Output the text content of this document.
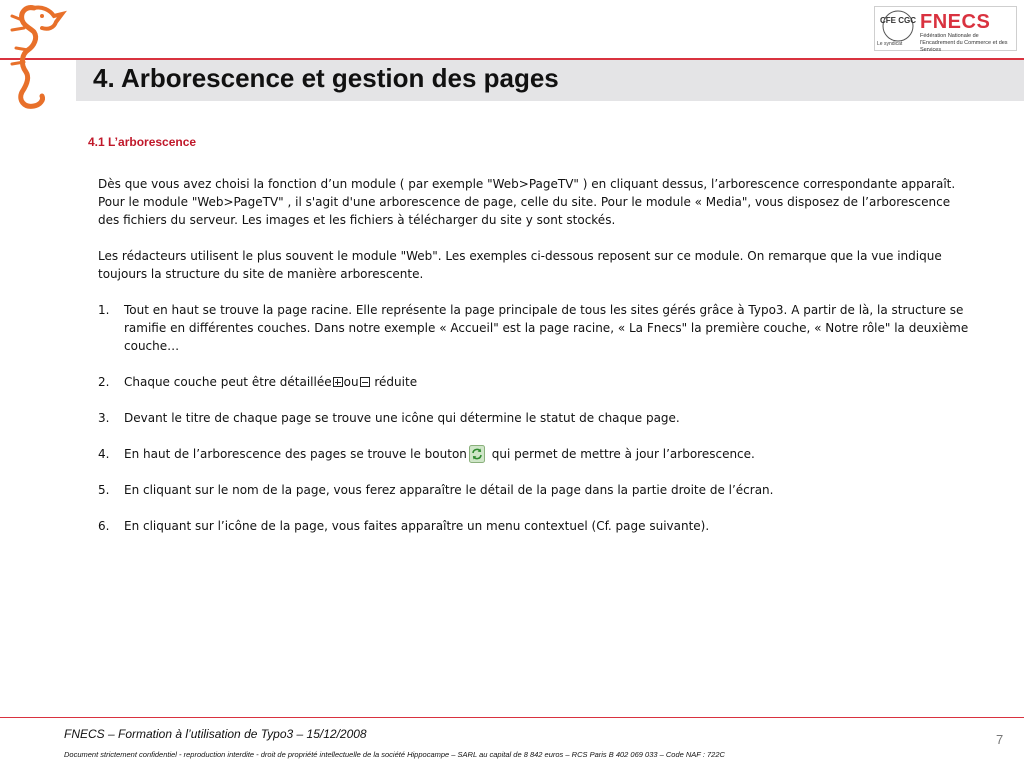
4. Arborescence et gestion des pages
CFE CGC
Le syndicat
FNECS
Fédération Nationale de l'Encadrement du Commerce et des Services
4.1 L’arborescence

Dès que vous avez choisi la fonction d’un module ( par exemple "Web>PageTV" ) en cliquant dessus, l’arborescence correspondante apparaît. Pour le module "Web>PageTV" , il s'agit d'une arborescence de page, celle du site. Pour le module « Media", vous disposez de l’arborescence des fichiers du serveur. Les images et les fichiers à télécharger du site y sont stockés.

Les rédacteurs utilisent le plus souvent le module "Web". Les exemples ci-dessous reposent sur ce module. On remarque que la vue indique toujours la structure du site de manière arborescente.

1. Tout en haut se trouve la page racine. Elle représente la page principale de tous les sites gérés grâce à Typo3. A partir de là, la structure se ramifie en différentes couches. Dans notre exemple « Accueil" est la page racine, « La Fnecs" la première couche, « Notre rôle" la deuxième couche…
2. Chaque couche peut être détaillée ou réduite
3. Devant le titre de chaque page se trouve une icône qui détermine le statut de chaque page.
4. En haut de l’arborescence des pages se trouve le bouton qui permet de mettre à jour l’arborescence.
5. En cliquant sur le nom de la page, vous ferez apparaître le détail de la page dans la partie droite de l’écran.
6. En cliquant sur l’icône de la page, vous faites apparaître un menu contextuel (Cf. page suivante).
FNECS – Formation à l’utilisation de Typo3 – 15/12/2008
Document strictement confidentiel - reproduction interdite - droit de propriété intellectuelle de la société Hippocampe – SARL au capital de 8 842 euros – RCS Paris B 402 069 033 – Code NAF : 722C
7
